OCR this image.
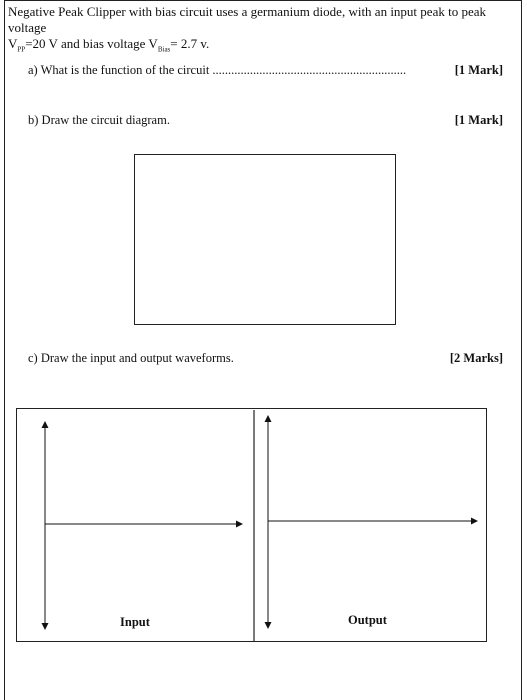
Negative Peak Clipper with bias circuit uses a germanium diode, with an input peak to peak voltage
$V_{PP}=20$ V and bias voltage $V_{Bias}= 2.7$ v.
a) What is the function of the circuit ..............................................................	[1 Mark]
b) Draw the circuit diagram.	[1 Mark]
c) Draw the input and output waveforms.	[2 Marks]
Input	Output
